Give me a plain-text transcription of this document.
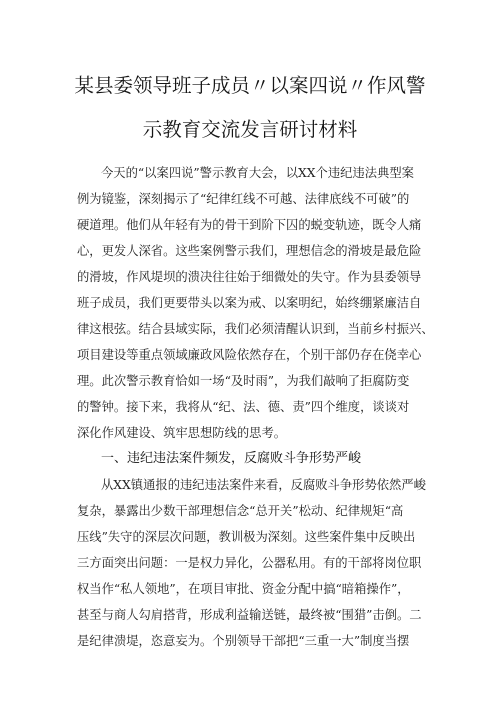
某县委领导班子成员〃以案四说〃作风警
示教育交流发言研讨材料
今天的“以案四说”警示教育大会，以XX个违纪违法典型案
例为镜鉴，深刻揭示了“纪律红线不可越、法律底线不可破”的
硬道理。他们从年轻有为的骨干到阶下囚的蜕变轨迹，既令人痛
心，更发人深省。这些案例警示我们，理想信念的滑坡是最危险
的滑坡，作风堤坝的溃决往往始于细微处的失守。作为县委领导
班子成员，我们更要带头以案为戒、以案明纪，始终绷紧廉洁自
律这根弦。结合县域实际，我们必须清醒认识到，当前乡村振兴、
项目建设等重点领域廉政风险依然存在，个别干部仍存在侥幸心
理。此次警示教育恰如一场“及时雨”，为我们敲响了拒腐防变
的警钟。接下来，我将从“纪、法、德、责”四个维度，谈谈对
深化作风建设、筑牢思想防线的思考。
一、违纪违法案件频发，反腐败斗争形势严峻
从XX镇通报的违纪违法案件来看，反腐败斗争形势依然严峻
复杂，暴露出少数干部理想信念“总开关”松动、纪律规矩“高
压线”失守的深层次问题，教训极为深刻。这些案件集中反映出
三方面突出问题：一是权力异化，公器私用。有的干部将岗位职
权当作“私人领地”，在项目审批、资金分配中搞“暗箱操作”，
甚至与商人勾肩搭背，形成利益输送链，最终被“围猎”击倒。二
是纪律溃堤，恣意妄为。个别领导干部把“三重一大”制度当摆
